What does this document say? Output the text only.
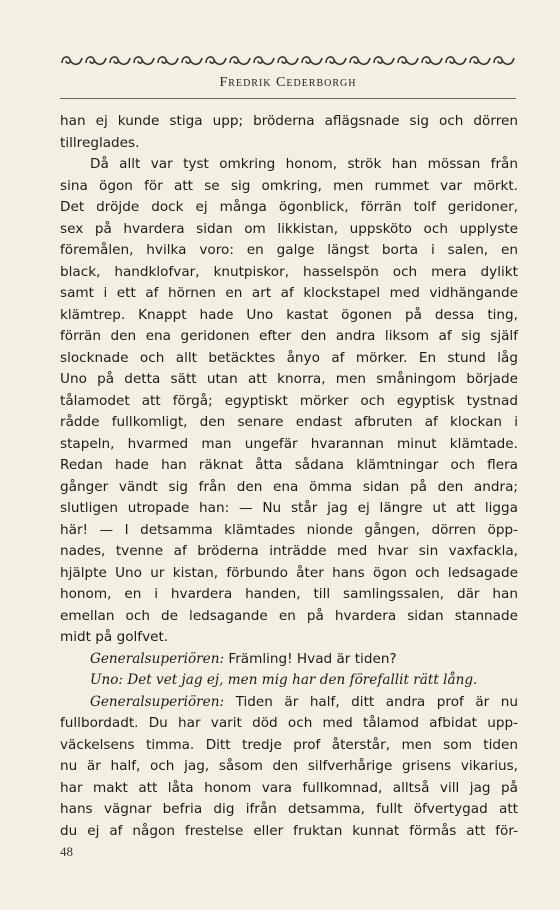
Fredrik Cederborgh
han ej kunde stiga upp; bröderna aflägsnade sig och dörren
tillreglades.
Då allt var tyst omkring honom, strök han mössan från
sina ögon för att se sig omkring, men rummet var mörkt.
Det dröjde dock ej många ögonblick, förrän tolf geridoner,
sex på hvardera sidan om likkistan, uppsköto och upplyste
föremålen, hvilka voro: en galge längst borta i salen, en
black, handklofvar, knutpiskor, hasselspön och mera dylikt
samt i ett af hörnen en art af klockstapel med vidhängande
klämtrep. Knappt hade Uno kastat ögonen på dessa ting,
förrän den ena geridonen efter den andra liksom af sig själf
slocknade och allt betäcktes ånyo af mörker. En stund låg
Uno på detta sätt utan att knorra, men småningom började
tålamodet att förgå; egyptiskt mörker och egyptisk tystnad
rådde fullkomligt, den senare endast afbruten af klockan i
stapeln, hvarmed man ungefär hvarannan minut klämtade.
Redan hade han räknat åtta sådana klämtningar och flera
gånger vändt sig från den ena ömma sidan på den andra;
slutligen utropade han: — Nu står jag ej längre ut att ligga
här! — I detsamma klämtades nionde gången, dörren öpp-
nades, tvenne af bröderna inträdde med hvar sin vaxfackla,
hjälpte Uno ur kistan, förbundo åter hans ögon och ledsagade
honom, en i hvardera handen, till samlingssalen, där han
emellan och de ledsagande en på hvardera sidan stannade
midt på golfvet.
Generalsuperiören: Främling! Hvad är tiden?
Uno: Det vet jag ej, men mig har den förefallit rätt lång.
Generalsuperiören: Tiden är half, ditt andra prof är nu
fullbordadt. Du har varit död och med tålamod afbidat upp-
väckelsens timma. Ditt tredje prof återstår, men som tiden
nu är half, och jag, såsom den silfverhårige grisens vikarius,
har makt att låta honom vara fullkomnad, alltså vill jag på
hans vägnar befria dig ifrån detsamma, fullt öfvertygad att
du ej af någon frestelse eller fruktan kunnat förmås att för-
48
